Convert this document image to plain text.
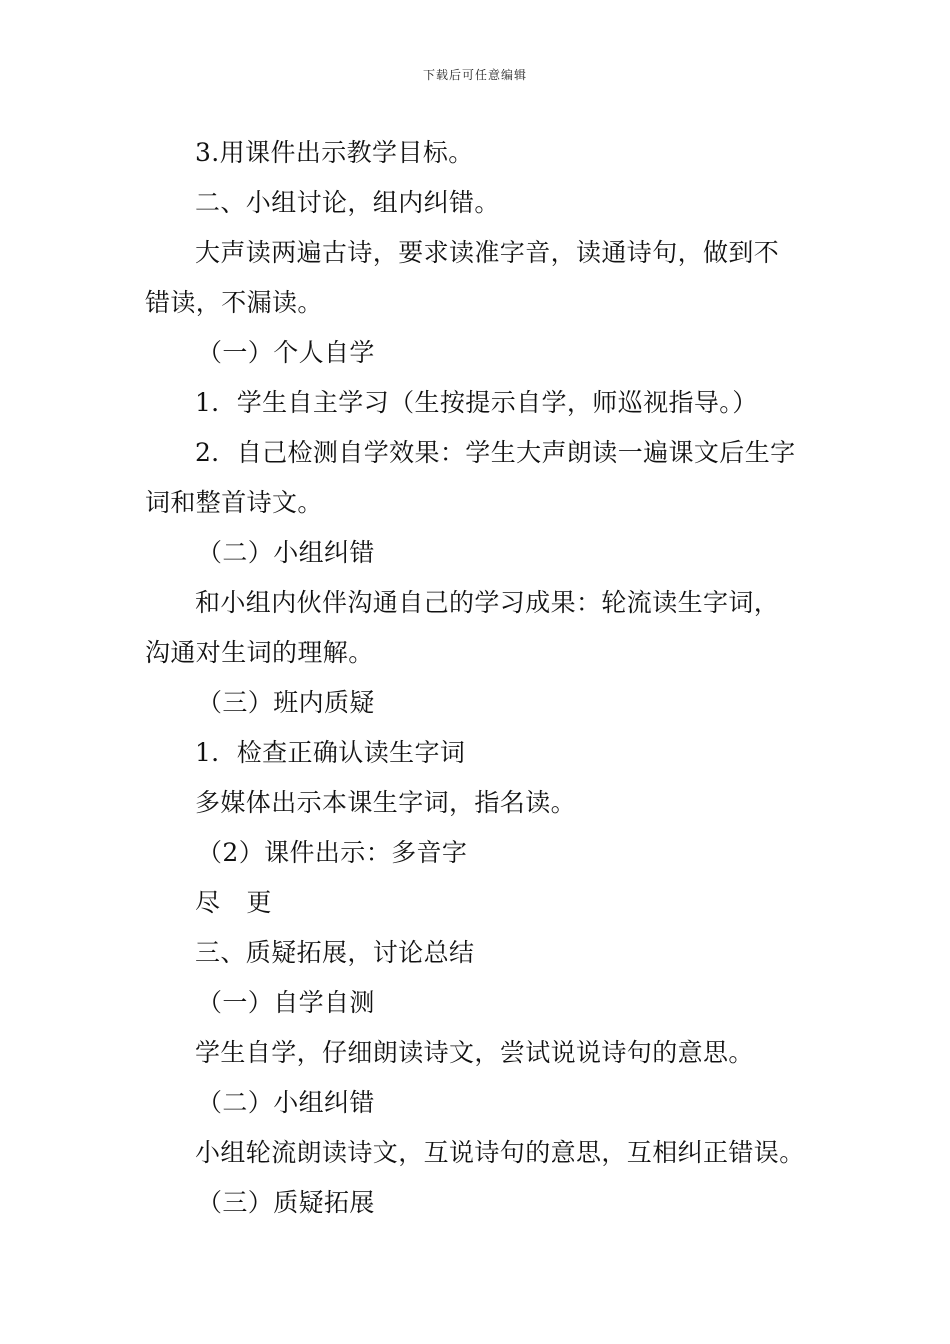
下载后可任意编辑
3.用课件出示教学目标。
二、小组讨论，组内纠错。
大声读两遍古诗，要求读准字音，读通诗句，做到不
错读，不漏读。
（一）个人自学
1．学生自主学习（生按提示自学，师巡视指导。）
2．自己检测自学效果：学生大声朗读一遍课文后生字
词和整首诗文。
（二）小组纠错
和小组内伙伴沟通自己的学习成果：轮流读生字词，
沟通对生词的理解。
（三）班内质疑
1．检查正确认读生字词
多媒体出示本课生字词，指名读。
（2）课件出示：多音字
尽 更
三、质疑拓展，讨论总结
（一）自学自测
学生自学，仔细朗读诗文，尝试说说诗句的意思。
（二）小组纠错
小组轮流朗读诗文，互说诗句的意思，互相纠正错误。
（三）质疑拓展
